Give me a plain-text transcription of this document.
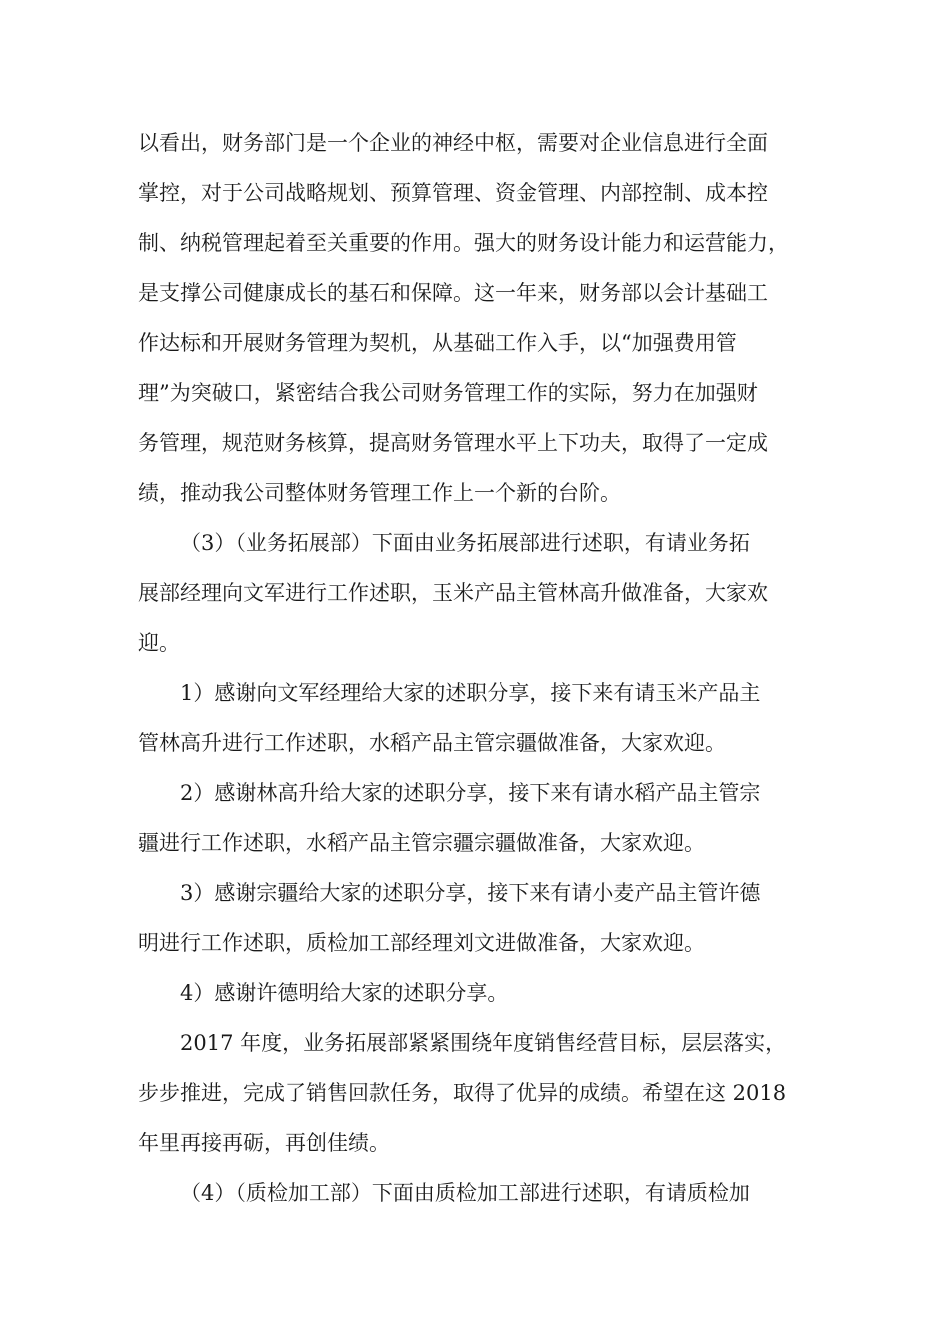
以看出，财务部门是一个企业的神经中枢，需要对企业信息进行全面
掌控，对于公司战略规划、预算管理、资金管理、内部控制、成本控
制、纳税管理起着至关重要的作用。强大的财务设计能力和运营能力，
是支撑公司健康成长的基石和保障。这一年来，财务部以会计基础工
作达标和开展财务管理为契机，从基础工作入手，以“加强费用管
理”为突破口，紧密结合我公司财务管理工作的实际，努力在加强财
务管理，规范财务核算，提高财务管理水平上下功夫，取得了一定成
绩，推动我公司整体财务管理工作上一个新的台阶。
（3）（业务拓展部）下面由业务拓展部进行述职，有请业务拓
展部经理向文军进行工作述职，玉米产品主管林高升做准备，大家欢
迎。
1）感谢向文军经理给大家的述职分享，接下来有请玉米产品主
管林高升进行工作述职，水稻产品主管宗疆做准备，大家欢迎。
2）感谢林高升给大家的述职分享，接下来有请水稻产品主管宗
疆进行工作述职，水稻产品主管宗疆宗疆做准备，大家欢迎。
3）感谢宗疆给大家的述职分享，接下来有请小麦产品主管许德
明进行工作述职，质检加工部经理刘文进做准备，大家欢迎。
4）感谢许德明给大家的述职分享。
2017 年度，业务拓展部紧紧围绕年度销售经营目标，层层落实，
步步推进，完成了销售回款任务，取得了优异的成绩。希望在这 2018
年里再接再砺，再创佳绩。
（4）（质检加工部）下面由质检加工部进行述职，有请质检加
